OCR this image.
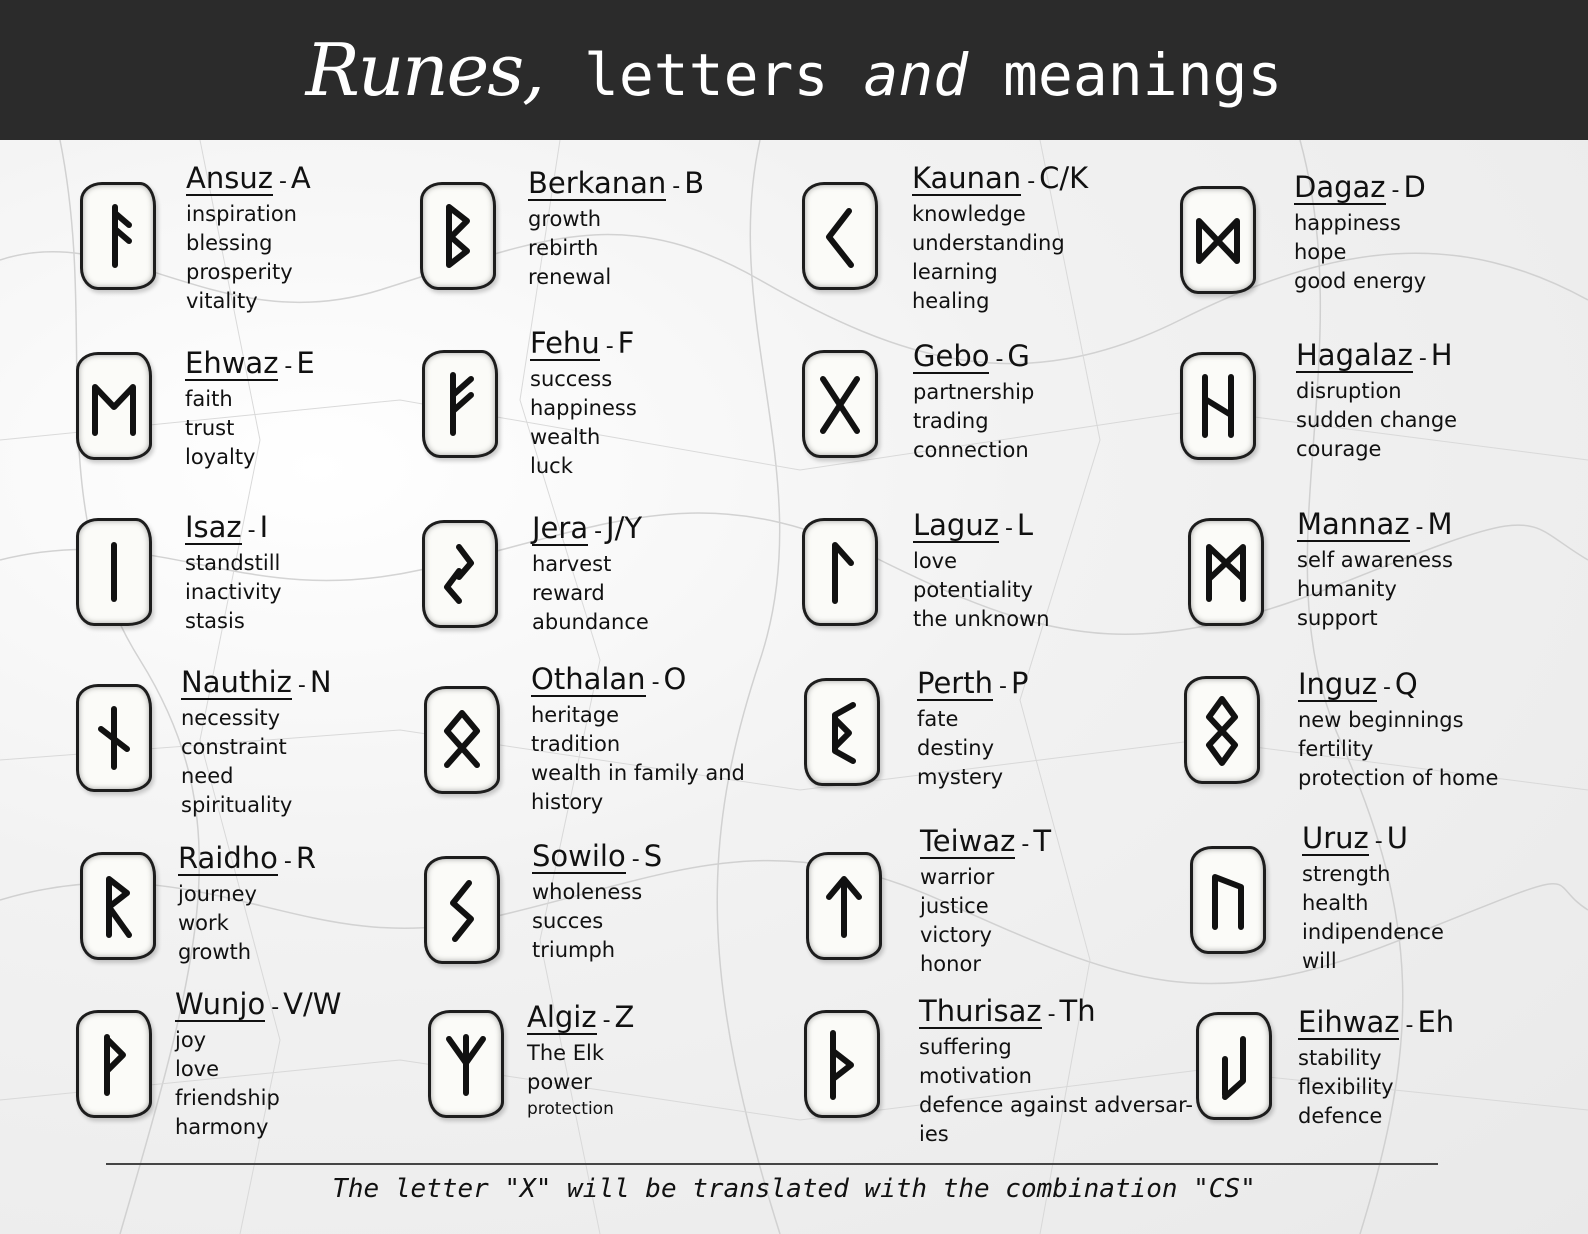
Runes, letters and meanings
Ansuz - A
inspiration
blessing
prosperity
vitality
Berkanan - B
growth
rebirth
renewal
Kaunan - C/K
knowledge
understanding
learning
healing
Dagaz - D
happiness
hope
good energy
Ehwaz - E
faith
trust
loyalty
Fehu - F
success
happiness
wealth
luck
Gebo - G
partnership
trading
connection
Hagalaz - H
disruption
sudden change
courage
Isaz - I
standstill
inactivity
stasis
Jera - J/Y
harvest
reward
abundance
Laguz - L
love
potentiality
the unknown
Mannaz - M
self awareness
humanity
support
Nauthiz - N
necessity
constraint
need
spirituality
Othalan - O
heritage
tradition
wealth in family and
history
Perth - P
fate
destiny
mystery
Inguz - Q
new beginnings
fertility
protection of home
Raidho - R
journey
work
growth
Sowilo - S
wholeness
succes
triumph
Teiwaz - T
warrior
justice
victory
honor
Uruz - U
strength
health
indipendence
will
Wunjo - V/W
joy
love
friendship
harmony
Algiz - Z
The Elk
power
protection
Thurisaz - Th
suffering
motivation
defence against adversar-
ies
Eihwaz - Eh
stability
flexibility
defence
The letter "X" will be translated with the combination "CS"
